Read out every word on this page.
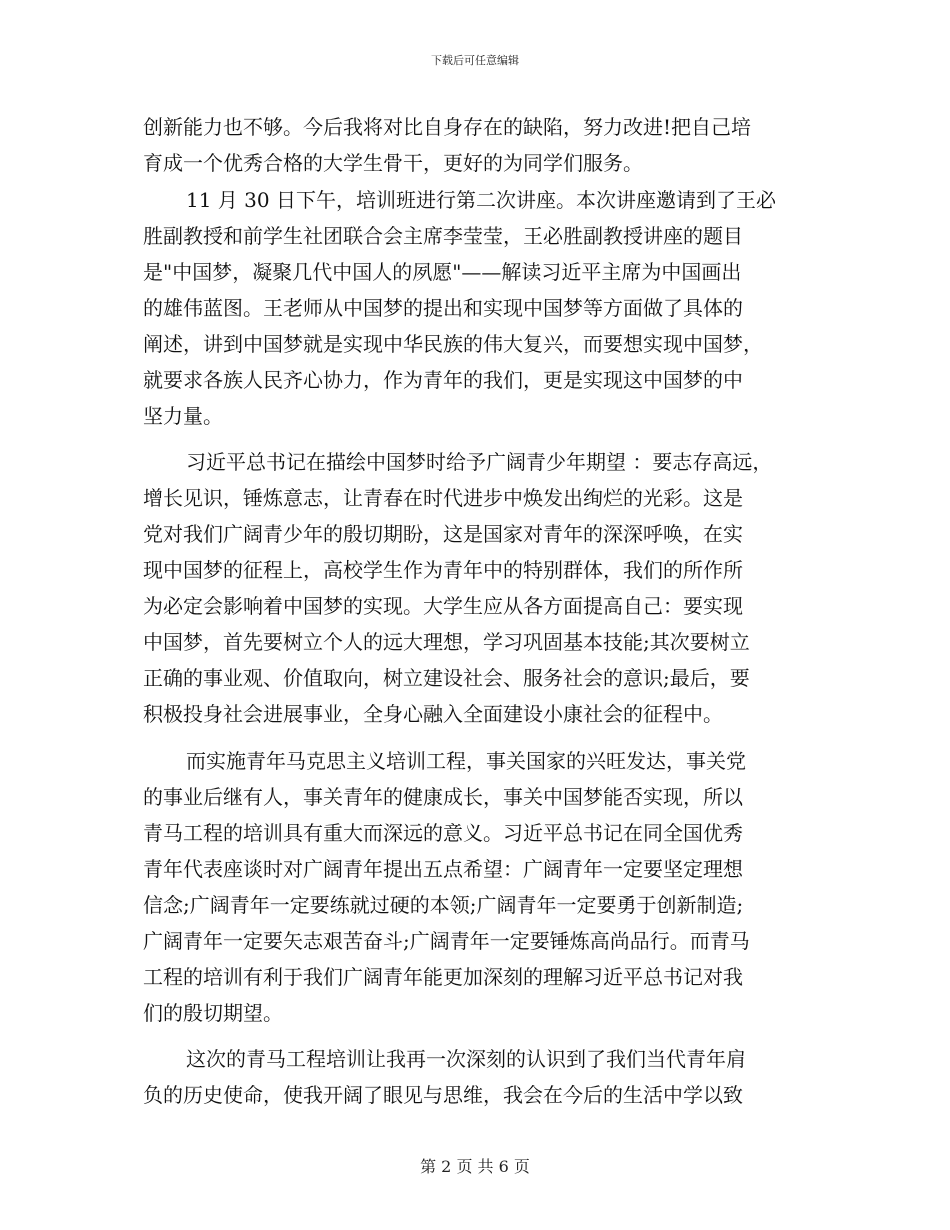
下载后可任意编辑
创新能力也不够。今后我将对比自身存在的缺陷，努力改进!把自己培
育成一个优秀合格的大学生骨干，更好的为同学们服务。
11 月 30 日下午，培训班进行第二次讲座。本次讲座邀请到了王必
胜副教授和前学生社团联合会主席李莹莹，王必胜副教授讲座的题目
是"中国梦，凝聚几代中国人的夙愿"——解读习近平主席为中国画出
的雄伟蓝图。王老师从中国梦的提出和实现中国梦等方面做了具体的
阐述，讲到中国梦就是实现中华民族的伟大复兴，而要想实现中国梦，
就要求各族人民齐心协力，作为青年的我们，更是实现这中国梦的中
坚力量。
习近平总书记在描绘中国梦时给予广阔青少年期望 ：要志存高远，
增长见识，锤炼意志，让青春在时代进步中焕发出绚烂的光彩。这是
党对我们广阔青少年的殷切期盼，这是国家对青年的深深呼唤，在实
现中国梦的征程上，高校学生作为青年中的特别群体，我们的所作所
为必定会影响着中国梦的实现。大学生应从各方面提高自己：要实现
中国梦，首先要树立个人的远大理想，学习巩固基本技能;其次要树立
正确的事业观、价值取向，树立建设社会、服务社会的意识;最后，要
积极投身社会进展事业，全身心融入全面建设小康社会的征程中。
而实施青年马克思主义培训工程，事关国家的兴旺发达，事关党
的事业后继有人，事关青年的健康成长，事关中国梦能否实现，所以
青马工程的培训具有重大而深远的意义。习近平总书记在同全国优秀
青年代表座谈时对广阔青年提出五点希望：广阔青年一定要坚定理想
信念;广阔青年一定要练就过硬的本领;广阔青年一定要勇于创新制造;
广阔青年一定要矢志艰苦奋斗;广阔青年一定要锤炼高尚品行。而青马
工程的培训有利于我们广阔青年能更加深刻的理解习近平总书记对我
们的殷切期望。
这次的青马工程培训让我再一次深刻的认识到了我们当代青年肩
负的历史使命，使我开阔了眼见与思维，我会在今后的生活中学以致
第 2 页 共 6 页
